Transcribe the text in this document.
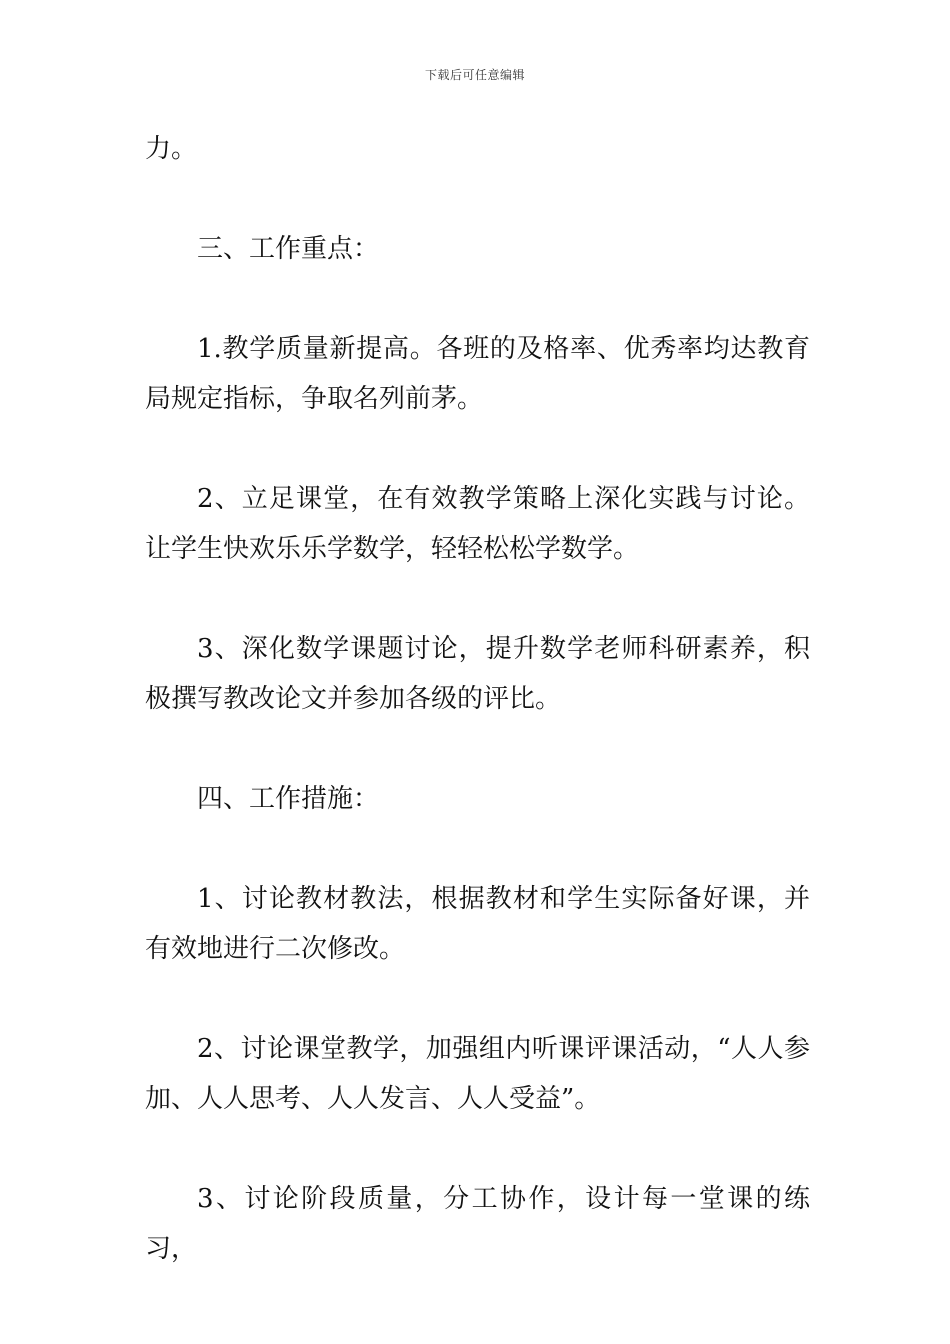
下载后可任意编辑

力。

三、工作重点：

1.教学质量新提高。各班的及格率、优秀率均达教育局规定指标，争取名列前茅。

2、立足课堂，在有效教学策略上深化实践与讨论。让学生快欢乐乐学数学，轻轻松松学数学。

3、深化数学课题讨论，提升数学老师科研素养，积极撰写教改论文并参加各级的评比。

四、工作措施：

1、讨论教材教法，根据教材和学生实际备好课，并有效地进行二次修改。

2、讨论课堂教学，加强组内听课评课活动，“人人参加、人人思考、人人发言、人人受益”。

3、讨论阶段质量，分工协作，设计每一堂课的练习，
